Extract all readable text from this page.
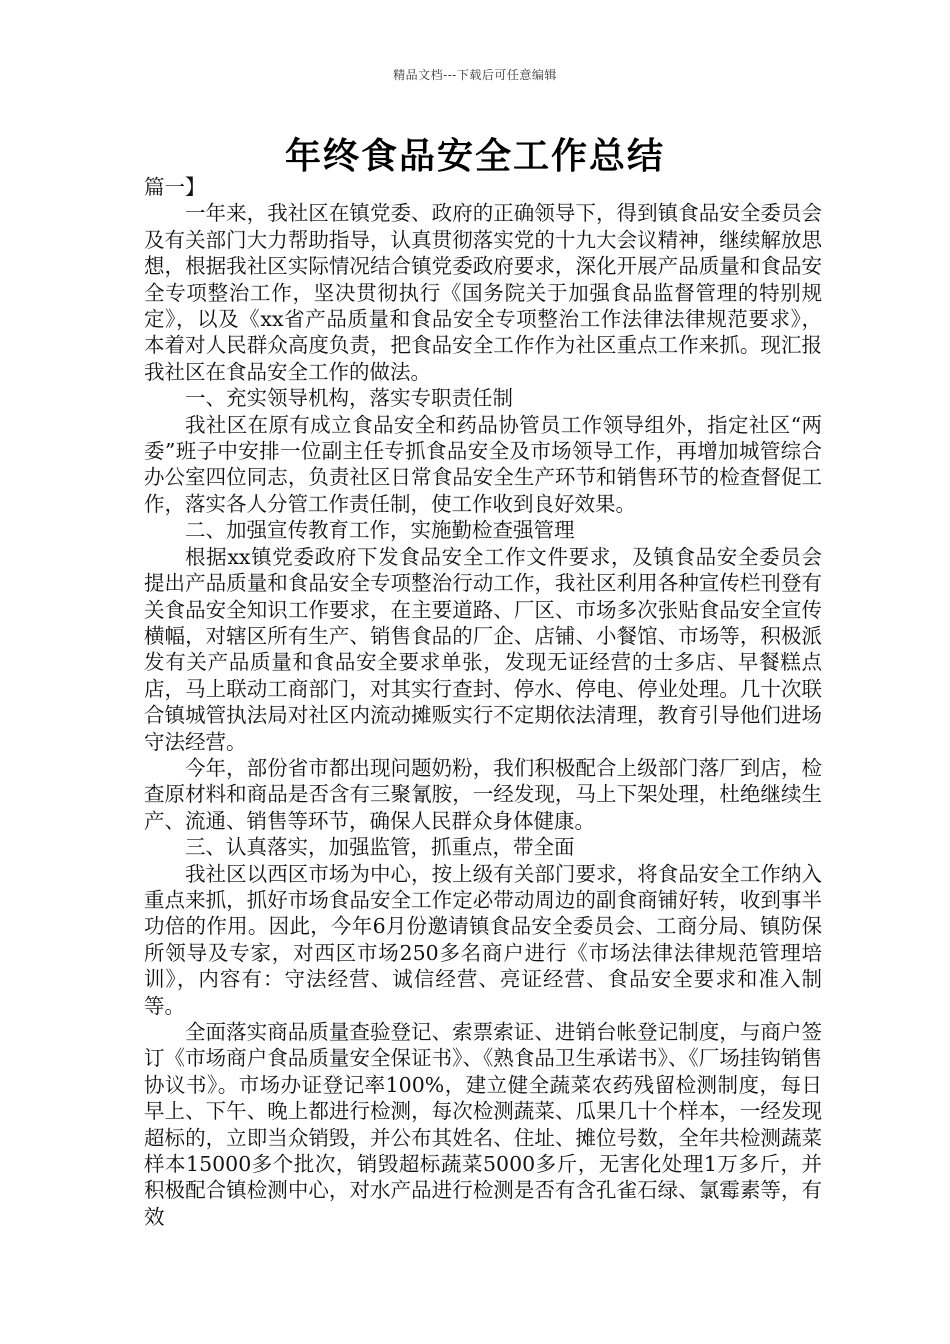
精品文档---下载后可任意编辑
年终食品安全工作总结

篇一】

一年来，我社区在镇党委、政府的正确领导下，得到镇食品安全委员会及有关部门大力帮助指导，认真贯彻落实党的十九大会议精神，继续解放思想，根据我社区实际情况结合镇党委政府要求，深化开展产品质量和食品安全专项整治工作，坚决贯彻执行《国务院关于加强食品监督管理的特别规定》，以及《xx省产品质量和食品安全专项整治工作法律法律规范要求》，本着对人民群众高度负责，把食品安全工作作为社区重点工作来抓。现汇报我社区在食品安全工作的做法。

一、充实领导机构，落实专职责任制

我社区在原有成立食品安全和药品协管员工作领导组外，指定社区“两委”班子中安排一位副主任专抓食品安全及市场领导工作，再增加城管综合办公室四位同志，负责社区日常食品安全生产环节和销售环节的检查督促工作，落实各人分管工作责任制，使工作收到良好效果。

二、加强宣传教育工作，实施勤检查强管理

根据xx镇党委政府下发食品安全工作文件要求，及镇食品安全委员会提出产品质量和食品安全专项整治行动工作，我社区利用各种宣传栏刊登有关食品安全知识工作要求，在主要道路、厂区、市场多次张贴食品安全宣传横幅，对辖区所有生产、销售食品的厂企、店铺、小餐馆、市场等，积极派发有关产品质量和食品安全要求单张，发现无证经营的士多店、早餐糕点店，马上联动工商部门，对其实行查封、停水、停电、停业处理。几十次联合镇城管执法局对社区内流动摊贩实行不定期依法清理，教育引导他们进场守法经营。

今年，部份省市都出现问题奶粉，我们积极配合上级部门落厂到店，检查原材料和商品是否含有三聚氰胺，一经发现，马上下架处理，杜绝继续生产、流通、销售等环节，确保人民群众身体健康。

三、认真落实，加强监管，抓重点，带全面

我社区以西区市场为中心，按上级有关部门要求，将食品安全工作纳入重点来抓，抓好市场食品安全工作定必带动周边的副食商铺好转，收到事半功倍的作用。因此，今年6月份邀请镇食品安全委员会、工商分局、镇防保所领导及专家，对西区市场250多名商户进行《市场法律法律规范管理培训》，内容有：守法经营、诚信经营、亮证经营、食品安全要求和准入制等。

全面落实商品质量查验登记、索票索证、进销台帐登记制度，与商户签订《市场商户食品质量安全保证书》、《熟食品卫生承诺书》、《厂场挂钩销售协议书》。市场办证登记率100%，建立健全蔬菜农药残留检测制度，每日早上、下午、晚上都进行检测，每次检测蔬菜、瓜果几十个样本，一经发现超标的，立即当众销毁，并公布其姓名、住址、摊位号数，全年共检测蔬菜样本15000多个批次，销毁超标蔬菜5000多斤，无害化处理1万多斤，并积极配合镇检测中心，对水产品进行检测是否有含孔雀石绿、氯霉素等，有效
